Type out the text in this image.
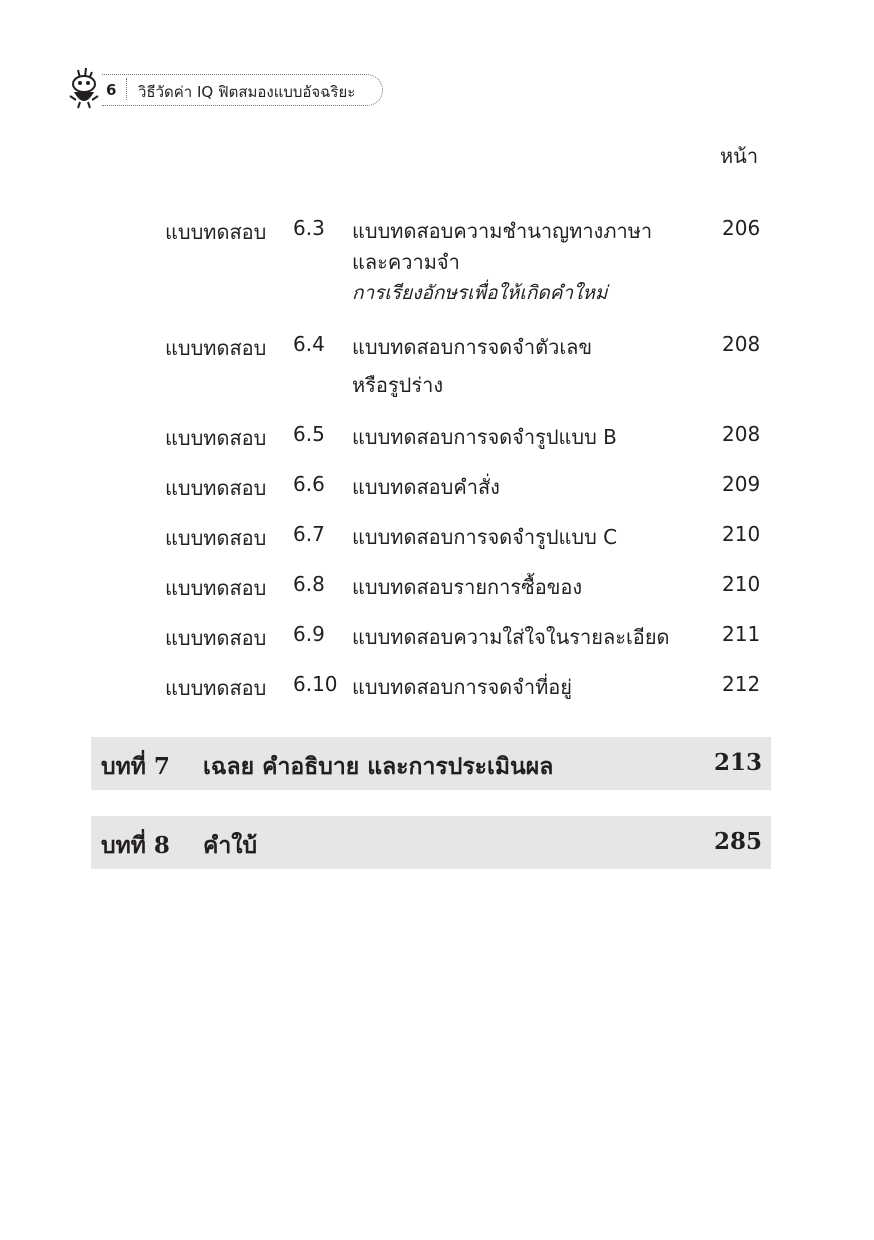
6 วิธีวัดค่า IQ ฟิตสมองแบบอัจฉริยะ
หน้า
แบบทดสอบ 6.3 แบบทดสอบความชำนาญทางภาษา
และความจำ
การเรียงอักษรเพื่อให้เกิดคำใหม่
206
แบบทดสอบ 6.4 แบบทดสอบการจดจำตัวเลข
หรือรูปร่าง
208
แบบทดสอบ 6.5 แบบทดสอบการจดจำรูปแบบ B	208
แบบทดสอบ 6.6 แบบทดสอบคำสั่ง	209
แบบทดสอบ 6.7 แบบทดสอบการจดจำรูปแบบ C	210
แบบทดสอบ 6.8 แบบทดสอบรายการซื้อของ	210
แบบทดสอบ 6.9 แบบทดสอบความใส่ใจในรายละเอียด	211
แบบทดสอบ 6.10 แบบทดสอบการจดจำที่อยู่	212
บทที่ 7 เฉลย คำอธิบาย และการประเมินผล	213
บทที่ 8 คำใบ้	285
